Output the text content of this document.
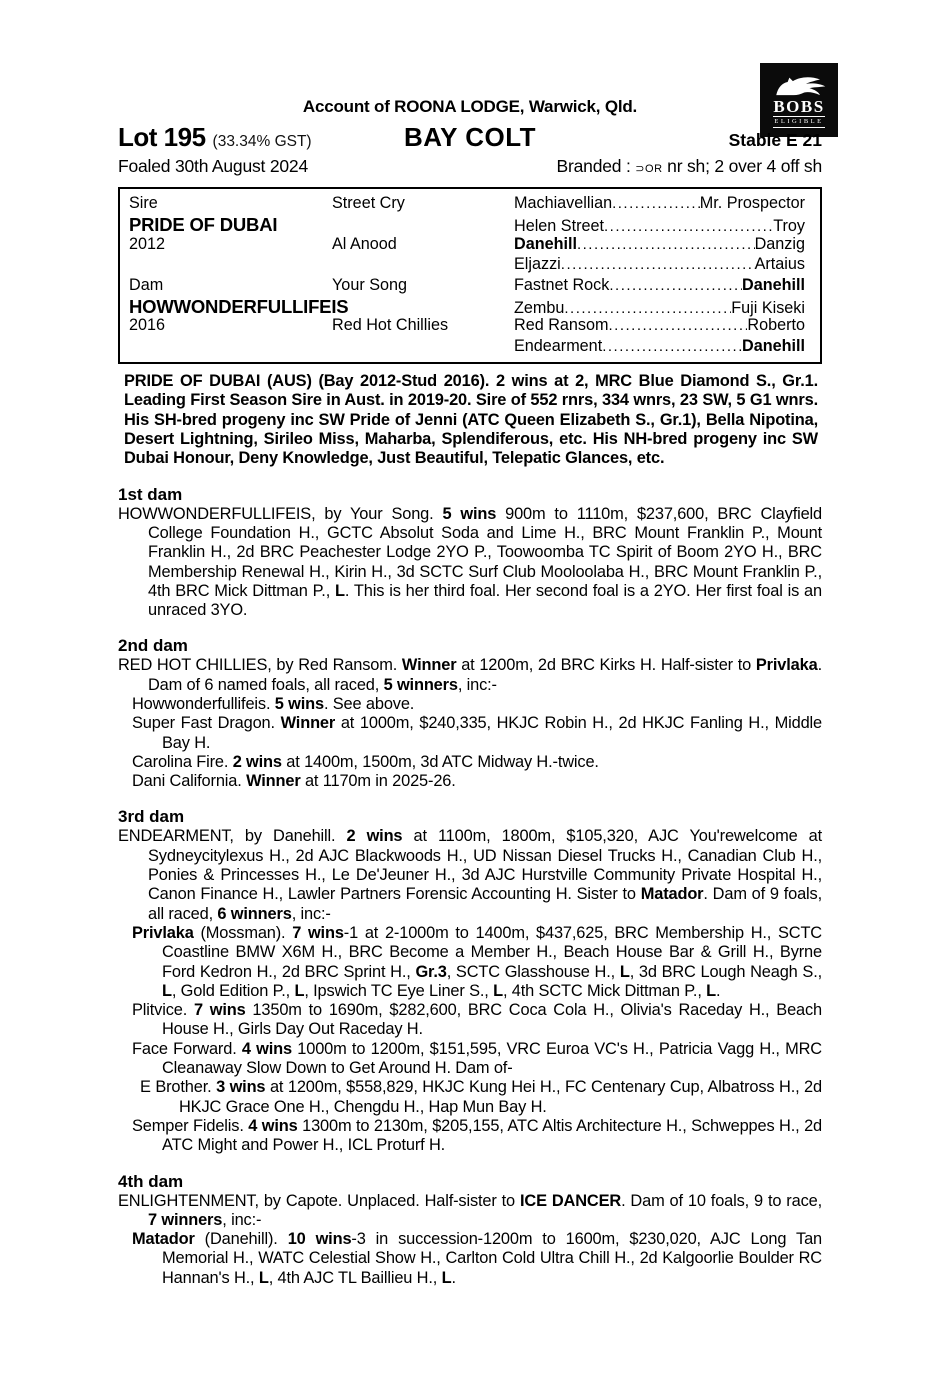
BOBS
ELIGIBLE
Account of ROONA LODGE, Warwick, Qld.
Lot 195 (33.34% GST)	BAY COLT	Stable E 21
Foaled 30th August 2024	Branded : ⊃OR nr sh; 2 over 4 off sh
Sire	Street Cry	Machiavellian .....	Mr. Prospector
PRIDE OF DUBAI	Helen Street .....	Troy
2012	Al Anood	Danehill .....	Danzig
Eljazzi .....	Artaius
Dam	Your Song	Fastnet Rock .....	Danehill
HOWWONDERFULLIFEIS	Zembu .....	Fuji Kiseki
2016	Red Hot Chillies	Red Ransom .....	Roberto
Endearment .....	Danehill
PRIDE OF DUBAI (AUS) (Bay 2012-Stud 2016). 2 wins at 2, MRC Blue Diamond S., Gr.1. Leading First Season Sire in Aust. in 2019-20. Sire of 552 rnrs, 334 wnrs, 23 SW, 5 G1 wnrs. His SH-bred progeny inc SW Pride of Jenni (ATC Queen Elizabeth S., Gr.1), Bella Nipotina, Desert Lightning, Sirileo Miss, Maharba, Splendiferous, etc. His NH-bred progeny inc SW Dubai Honour, Deny Knowledge, Just Beautiful, Telepatic Glances, etc.
1st dam
HOWWONDERFULLIFEIS, by Your Song. 5 wins 900m to 1110m, $237,600, BRC Clayfield College Foundation H., GCTC Absolut Soda and Lime H., BRC Mount Franklin P., Mount Franklin H., 2d BRC Peachester Lodge 2YO P., Toowoomba TC Spirit of Boom 2YO H., BRC Membership Renewal H., Kirin H., 3d SCTC Surf Club Mooloolaba H., BRC Mount Franklin P., 4th BRC Mick Dittman P., L. This is her third foal. Her second foal is a 2YO. Her first foal is an unraced 3YO.
2nd dam
RED HOT CHILLIES, by Red Ransom. Winner at 1200m, 2d BRC Kirks H. Half-sister to Privlaka. Dam of 6 named foals, all raced, 5 winners, inc:-
Howwonderfullifeis. 5 wins. See above.
Super Fast Dragon. Winner at 1000m, $240,335, HKJC Robin H., 2d HKJC Fanling H., Middle Bay H.
Carolina Fire. 2 wins at 1400m, 1500m, 3d ATC Midway H.-twice.
Dani California. Winner at 1170m in 2025-26.
3rd dam
ENDEARMENT, by Danehill. 2 wins at 1100m, 1800m, $105,320, AJC You'rewelcome at Sydneycitylexus H., 2d AJC Blackwoods H., UD Nissan Diesel Trucks H., Canadian Club H., Ponies & Princesses H., Le De'Jeuner H., 3d AJC Hurstville Community Private Hospital H., Canon Finance H., Lawler Partners Forensic Accounting H. Sister to Matador. Dam of 9 foals, all raced, 6 winners, inc:-
Privlaka (Mossman). 7 wins-1 at 2-1000m to 1400m, $437,625, BRC Membership H., SCTC Coastline BMW X6M H., BRC Become a Member H., Beach House Bar & Grill H., Byrne Ford Kedron H., 2d BRC Sprint H., Gr.3, SCTC Glasshouse H., L, 3d BRC Lough Neagh S., L, Gold Edition P., L, Ipswich TC Eye Liner S., L, 4th SCTC Mick Dittman P., L.
Plitvice. 7 wins 1350m to 1690m, $282,600, BRC Coca Cola H., Olivia's Raceday H., Beach House H., Girls Day Out Raceday H.
Face Forward. 4 wins 1000m to 1200m, $151,595, VRC Euroa VC's H., Patricia Vagg H., MRC Cleanaway Slow Down to Get Around H. Dam of-
E Brother. 3 wins at 1200m, $558,829, HKJC Kung Hei H., FC Centenary Cup, Albatross H., 2d HKJC Grace One H., Chengdu H., Hap Mun Bay H.
Semper Fidelis. 4 wins 1300m to 2130m, $205,155, ATC Altis Architecture H., Schweppes H., 2d ATC Might and Power H., ICL Proturf H.
4th dam
ENLIGHTENMENT, by Capote. Unplaced. Half-sister to ICE DANCER. Dam of 10 foals, 9 to race, 7 winners, inc:-
Matador (Danehill). 10 wins-3 in succession-1200m to 1600m, $230,020, AJC Long Tan Memorial H., WATC Celestial Show H., Carlton Cold Ultra Chill H., 2d Kalgoorlie Boulder RC Hannan's H., L, 4th AJC TL Baillieu H., L.
